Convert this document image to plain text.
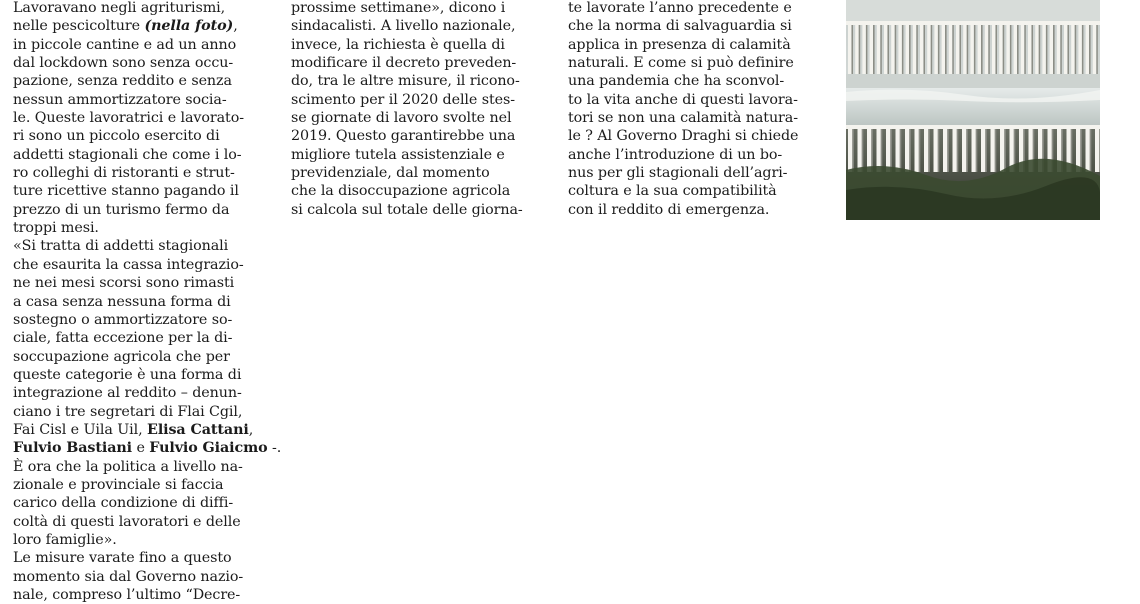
Lavoravano negli agriturismi,
nelle pescicolture (nella foto),
in piccole cantine e ad un anno
dal lockdown sono senza occu-
pazione, senza reddito e senza
nessun ammortizzatore socia-
le. Queste lavoratrici e lavorato-
ri sono un piccolo esercito di
addetti stagionali che come i lo-
ro colleghi di ristoranti e strut-
ture ricettive stanno pagando il
prezzo di un turismo fermo da
troppi mesi.
«Si tratta di addetti stagionali
che esaurita la cassa integrazio-
ne nei mesi scorsi sono rimasti
a casa senza nessuna forma di
sostegno o ammortizzatore so-
ciale, fatta eccezione per la di-
soccupazione agricola che per
queste categorie è una forma di
integrazione al reddito – denun-
ciano i tre segretari di Flai Cgil,
Fai Cisl e Uila Uil, Elisa Cattani,
Fulvio Bastiani e Fulvio Giaicmo -.
È ora che la politica a livello na-
zionale e provinciale si faccia
carico della condizione di diffi-
coltà di questi lavoratori e delle
loro famiglie».
Le misure varate fino a questo
momento sia dal Governo nazio-
nale, compreso l’ultimo “Decre-
prossime settimane», dicono i
sindacalisti. A livello nazionale,
invece, la richiesta è quella di
modificare il decreto preveden-
do, tra le altre misure, il ricono-
scimento per il 2020 delle stes-
se giornate di lavoro svolte nel
2019. Questo garantirebbe una
migliore tutela assistenziale e
previdenziale, dal momento
che la disoccupazione agricola
si calcola sul totale delle giorna-
te lavorate l’anno precedente e
che la norma di salvaguardia si
applica in presenza di calamità
naturali. E come si può definire
una pandemia che ha sconvol-
to la vita anche di questi lavora-
tori se non una calamità natura-
le ? Al Governo Draghi si chiede
anche l’introduzione di un bo-
nus per gli stagionali dell’agri-
coltura e la sua compatibilità
con il reddito di emergenza.
